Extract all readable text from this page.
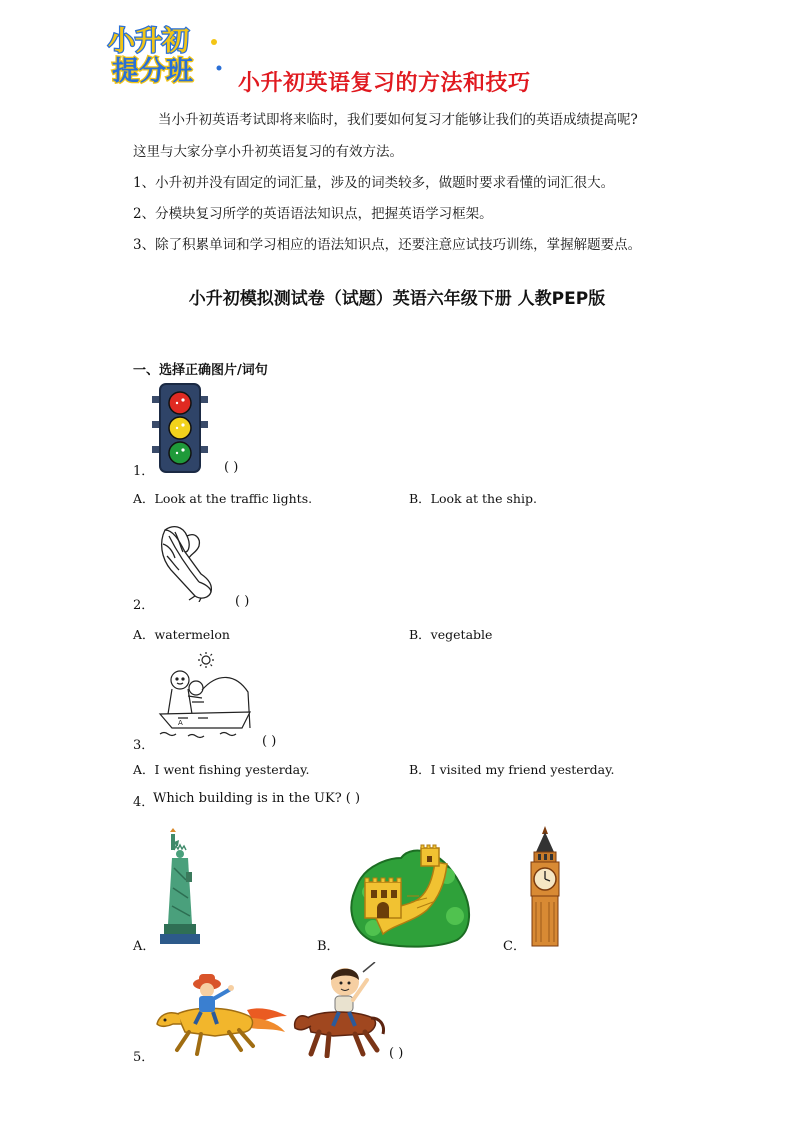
小升初
提分班 小升初英语复习的方法和技巧
当小升初英语考试即将来临时，我们要如何复习才能够让我们的英语成绩提高呢?
这里与大家分享小升初英语复习的有效方法。
1、小升初并没有固定的词汇量，涉及的词类较多，做题时要求看懂的词汇很大。
2、分模块复习所学的英语语法知识点，把握英语学习框架。
3、除了积累单词和学习相应的语法知识点，还要注意应试技巧训练，掌握解题要点。
小升初模拟测试卷（试题）英语六年级下册 人教PEP版
一、选择正确图片/词句
1．	( )
A．Look at the traffic lights.	B．Look at the ship.
2．	( )
A．watermelon	B．vegetable
A
3．	( )
A．I went fishing yesterday.	B．I visited my friend yesterday.
4．
Which building is in the UK? ( )
A．	B．	C．
5．	( )
